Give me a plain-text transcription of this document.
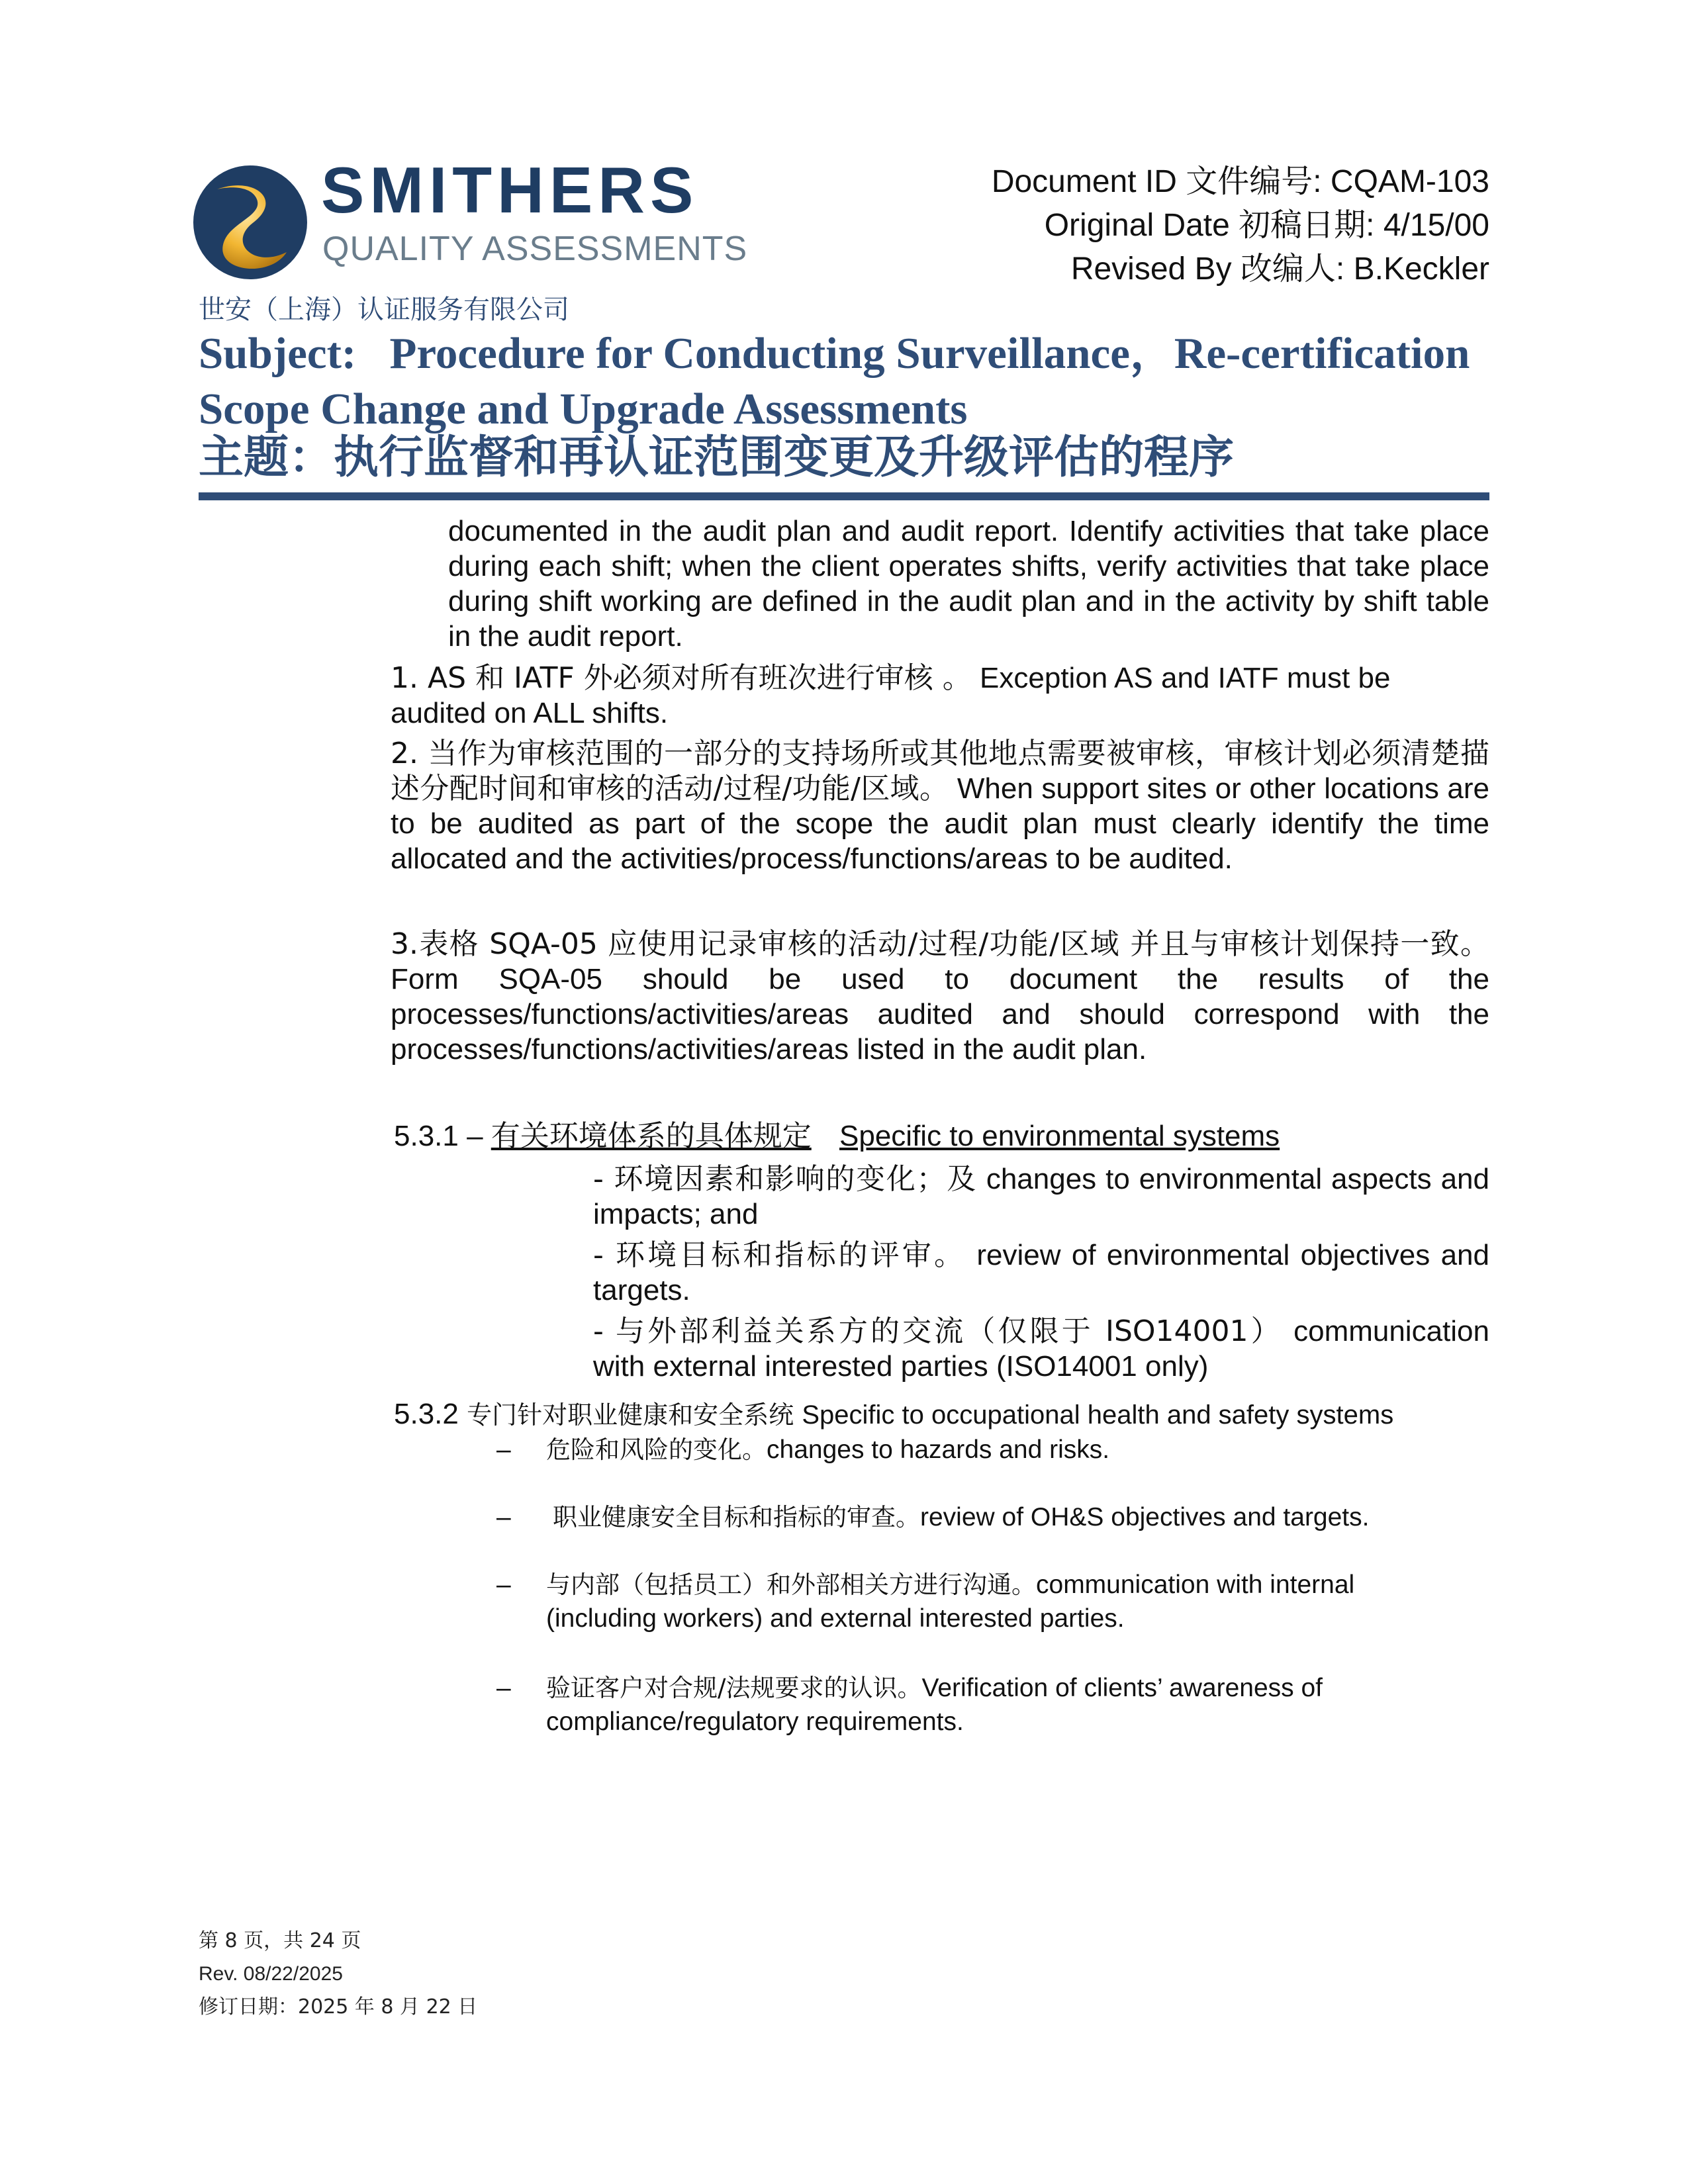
SMITHERS
QUALITY ASSESSMENTS
世安（上海）认证服务有限公司
Document ID 文件编号: CQAM-103
Original Date 初稿日期: 4/15/00
Revised By 改编人: B.Keckler
Subject:   Procedure for Conducting Surveillance，Re-certification
Scope Change and Upgrade Assessments
主题：执行监督和再认证范围变更及升级评估的程序
documented in the audit plan and audit report. Identify activities that take place during each shift; when the client operates shifts, verify activities that take place during shift working are defined in the audit plan and in the activity by shift table in the audit report.
1. AS 和 IATF 外必须对所有班次进行审核 。 Exception AS and IATF must be audited on ALL shifts.
2. 当作为审核范围的一部分的支持场所或其他地点需要被审核，审核计划必须清楚描述分配时间和审核的活动/过程/功能/区域。 When support sites or other locations are to be audited as part of the scope the audit plan must clearly identify the time allocated and the activities/process/functions/areas to be audited.
3.表格 SQA-05 应使用记录审核的活动/过程/功能/区域 并且与审核计划保持一致。 Form SQA-05 should be used to document the results of the processes/functions/activities/areas audited and should correspond with the processes/functions/activities/areas listed in the audit plan.
5.3.1 – 有关环境体系的具体规定 Specific to environmental systems
- 环境因素和影响的变化；及 changes to environmental aspects and impacts; and
- 环境目标和指标的评审。 review of environmental objectives and targets.
- 与外部利益关系方的交流（仅限于 ISO14001） communication with external interested parties (ISO14001 only)
5.3.2 专门针对职业健康和安全系统 Specific to occupational health and safety systems
– 危险和风险的变化。changes to hazards and risks.
– 职业健康安全目标和指标的审查。review of OH&S objectives and targets.
– 与内部（包括员工）和外部相关方进行沟通。communication with internal (including workers) and external interested parties.
– 验证客户对合规/法规要求的认识。Verification of clients’ awareness of compliance/regulatory requirements.
第 8 页，共 24 页
Rev. 08/22/2025
修订日期：2025 年 8 月 22 日
